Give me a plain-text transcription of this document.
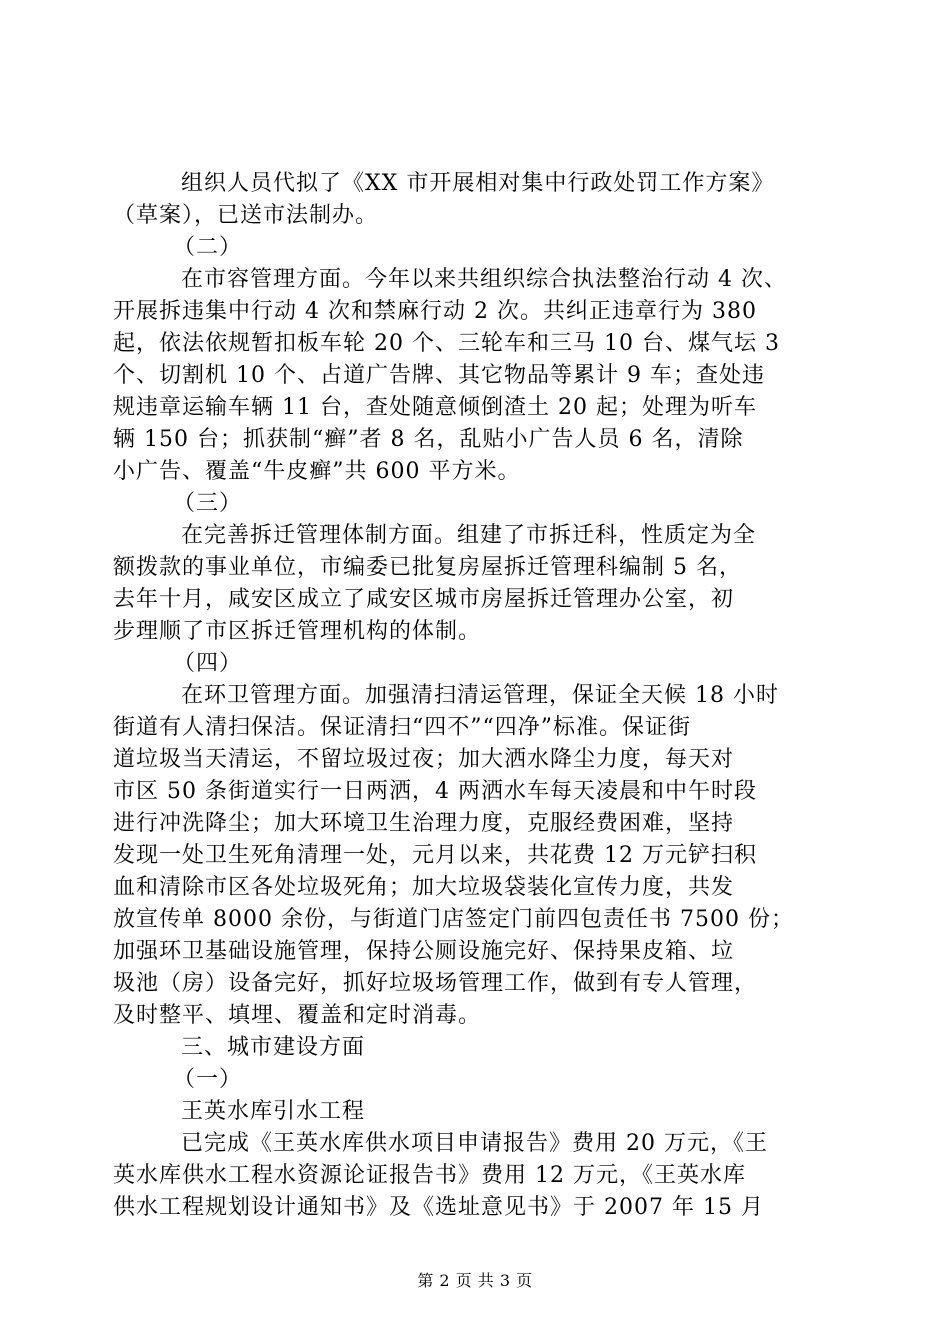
组织人员代拟了《XX 市开展相对集中行政处罚工作方案》
（草案），已送市法制办。
（二）
在市容管理方面。今年以来共组织综合执法整治行动 4 次、
开展拆违集中行动 4 次和禁麻行动 2 次。共纠正违章行为 380
起，依法依规暂扣板车轮 20 个、三轮车和三马 10 台、煤气坛 3
个、切割机 10 个、占道广告牌、其它物品等累计 9 车；查处违
规违章运输车辆 11 台，查处随意倾倒渣土 20 起；处理为听车
辆 150 台；抓获制“癣”者 8 名，乱贴小广告人员 6 名，清除
小广告、覆盖“牛皮癣”共 600 平方米。
（三）
在完善拆迁管理体制方面。组建了市拆迁科，性质定为全
额拨款的事业单位，市编委已批复房屋拆迁管理科编制 5 名，
去年十月，咸安区成立了咸安区城市房屋拆迁管理办公室，初
步理顺了市区拆迁管理机构的体制。
（四）
在环卫管理方面。加强清扫清运管理，保证全天候 18 小时
街道有人清扫保洁。保证清扫“四不”“四净”标准。保证街
道垃圾当天清运，不留垃圾过夜；加大洒水降尘力度，每天对
市区 50 条街道实行一日两洒，4 两洒水车每天凌晨和中午时段
进行冲洗降尘；加大环境卫生治理力度，克服经费困难，坚持
发现一处卫生死角清理一处，元月以来，共花费 12 万元铲扫积
血和清除市区各处垃圾死角；加大垃圾袋装化宣传力度，共发
放宣传单 8000 余份，与街道门店签定门前四包责任书 7500 份；
加强环卫基础设施管理，保持公厕设施完好、保持果皮箱、垃
圾池（房）设备完好，抓好垃圾场管理工作，做到有专人管理，
及时整平、填埋、覆盖和定时消毒。
三、城市建设方面
（一）
王英水库引水工程
已完成《王英水库供水项目申请报告》费用 20 万元，《王
英水库供水工程水资源论证报告书》费用 12 万元，《王英水库
供水工程规划设计通知书》及《选址意见书》于 2007 年 15 月
第 2 页 共 3 页
